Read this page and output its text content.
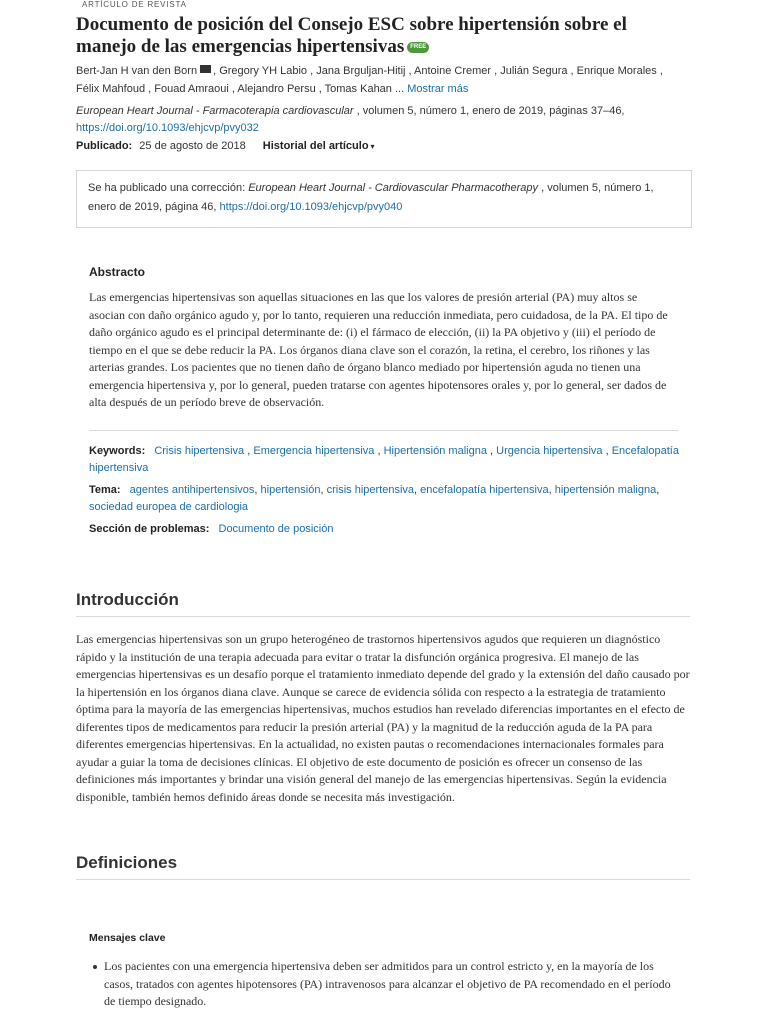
ARTÍCULO DE REVISTA
Documento de posición del Consejo ESC sobre hipertensión sobre el manejo de las emergencias hipertensivas FREE
Bert-Jan H van den Born , Gregory YH Labio , Jana Brguljan-Hitij , Antoine Cremer , Julián Segura , Enrique Morales ,
Félix Mahfoud , Fouad Amraoui , Alejandro Persu , Tomas Kahan ... Mostrar más
European Heart Journal - Farmacoterapia cardiovascular , volumen 5, número 1, enero de 2019, páginas 37–46,
https://doi.org/10.1093/ehjcvp/pvy032
Publicado: 25 de agosto de 2018 Historial del artículo ▾
Se ha publicado una corrección: European Heart Journal - Cardiovascular Pharmacotherapy , volumen 5, número 1, enero de 2019, página 46, https://doi.org/10.1093/ehjcvp/pvy040
Abstracto
Las emergencias hipertensivas son aquellas situaciones en las que los valores de presión arterial (PA) muy altos se asocian con daño orgánico agudo y, por lo tanto, requieren una reducción inmediata, pero cuidadosa, de la PA. El tipo de daño orgánico agudo es el principal determinante de: (i) el fármaco de elección, (ii) la PA objetivo y (iii) el período de tiempo en el que se debe reducir la PA. Los órganos diana clave son el corazón, la retina, el cerebro, los riñones y las arterias grandes. Los pacientes que no tienen daño de órgano blanco mediado por hipertensión aguda no tienen una emergencia hipertensiva y, por lo general, pueden tratarse con agentes hipotensores orales y, por lo general, ser dados de alta después de un período breve de observación.
Keywords: Crisis hipertensiva , Emergencia hipertensiva , Hipertensión maligna , Urgencia hipertensiva , Encefalopatía hipertensiva
Tema: agentes antihipertensivos, hipertensión, crisis hipertensiva, encefalopatía hipertensiva, hipertensión maligna, sociedad europea de cardiologia
Sección de problemas: Documento de posición
Introducción
Las emergencias hipertensivas son un grupo heterogéneo de trastornos hipertensivos agudos que requieren un diagnóstico rápido y la institución de una terapia adecuada para evitar o tratar la disfunción orgánica progresiva. El manejo de las emergencias hipertensivas es un desafío porque el tratamiento inmediato depende del grado y la extensión del daño causado por la hipertensión en los órganos diana clave. Aunque se carece de evidencia sólida con respecto a la estrategia de tratamiento óptima para la mayoría de las emergencias hipertensivas, muchos estudios han revelado diferencias importantes en el efecto de diferentes tipos de medicamentos para reducir la presión arterial (PA) y la magnitud de la reducción aguda de la PA para diferentes emergencias hipertensivas. En la actualidad, no existen pautas o recomendaciones internacionales formales para ayudar a guiar la toma de decisiones clínicas. El objetivo de este documento de posición es ofrecer un consenso de las definiciones más importantes y brindar una visión general del manejo de las emergencias hipertensivas. Según la evidencia disponible, también hemos definido áreas donde se necesita más investigación.
Definiciones
Mensajes clave
Los pacientes con una emergencia hipertensiva deben ser admitidos para un control estricto y, en la mayoría de los casos, tratados con agentes hipotensores (PA) intravenosos para alcanzar el objetivo de PA recomendado en el período de tiempo designado.
